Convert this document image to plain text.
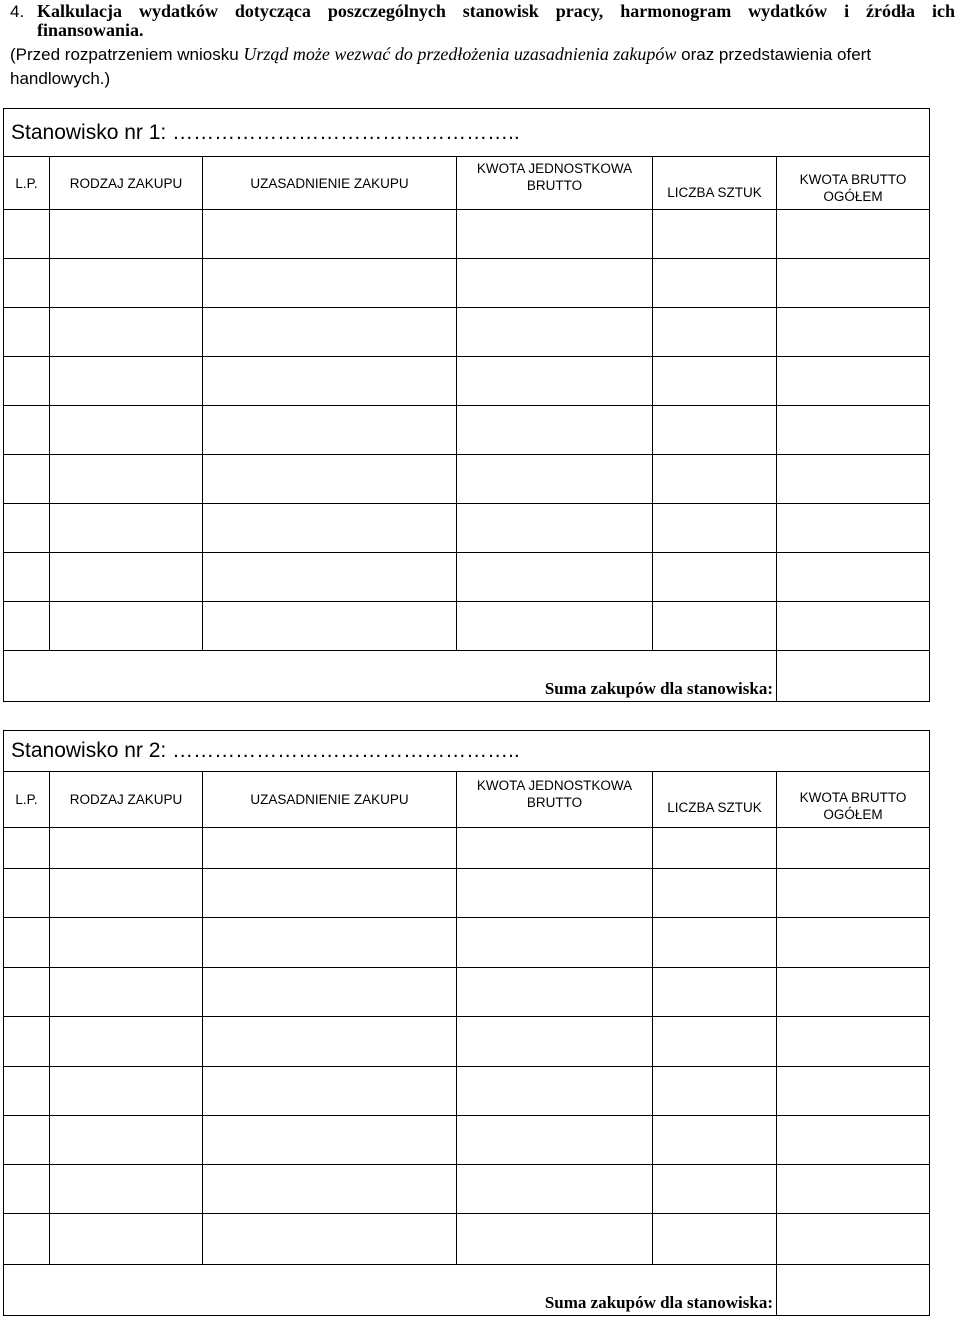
4. Kalkulacja wydatków dotycząca poszczególnych stanowisk pracy, harmonogram wydatków i źródła ich
finansowania.
(Przed rozpatrzeniem wniosku Urząd może wezwać do przedłożenia uzasadnienia zakupów oraz przedstawienia ofert
handlowych.)
Stanowisko nr 1: …………………………………………..					
L.P.	RODZAJ ZAKUPU	UZASADNIENIE ZAKUPU	KWOTA JEDNOSTKOWA BRUTTO	LICZBA SZTUK	KWOTA BRUTTO OGÓŁEM

Suma zakupów dla stanowiska:					
Stanowisko nr 2: …………………………………………..					
L.P.	RODZAJ ZAKUPU	UZASADNIENIE ZAKUPU	KWOTA JEDNOSTKOWA BRUTTO	LICZBA SZTUK	KWOTA BRUTTO OGÓŁEM

Suma zakupów dla stanowiska:					
